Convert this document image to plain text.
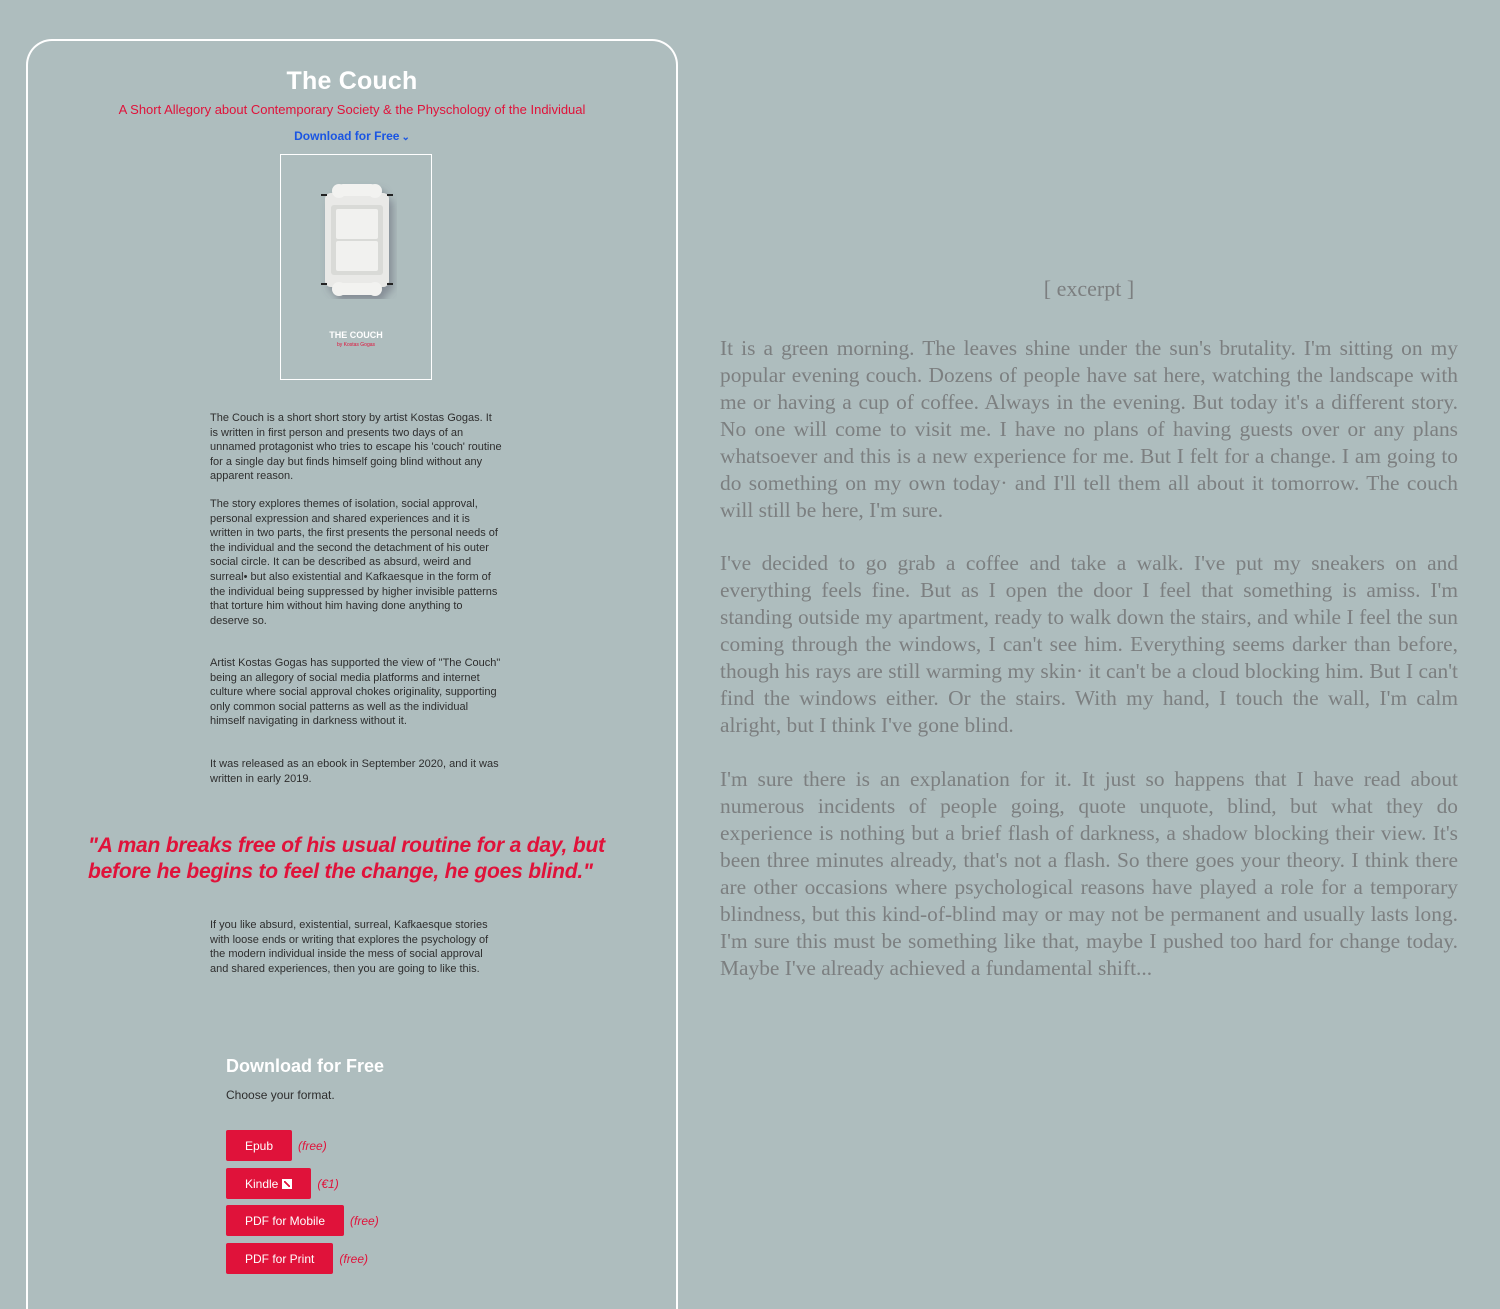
The Couch
A Short Allegory about Contemporary Society & the Physchology of the Individual
Download for Free ⌄
THE COUCH
by Kostas Gogas

The Couch is a short short story by artist Kostas Gogas. It is written in first person and presents two days of an unnamed protagonist who tries to escape his 'couch' routine for a single day but finds himself going blind without any apparent reason.

The story explores themes of isolation, social approval, personal expression and shared experiences and it is written in two parts, the first presents the personal needs of the individual and the second the detachment of his outer social circle. It can be described as absurd, weird and surreal• but also existential and Kafkaesque in the form of the individual being suppressed by higher invisible patterns that torture him without him having done anything to deserve so.

Artist Kostas Gogas has supported the view of "The Couch" being an allegory of social media platforms and internet culture where social approval chokes originality, supporting only common social patterns as well as the individual himself navigating in darkness without it.

It was released as an ebook in September 2020, and it was written in early 2019.

"A man breaks free of his usual routine for a day, but before he begins to feel the change, he goes blind."

If you like absurd, existential, surreal, Kafkaesque stories with loose ends or writing that explores the psychology of the modern individual inside the mess of social approval and shared experiences, then you are going to like this.

Download for Free
Choose your format.
Epub (free)
Kindle	(€1)
PDF for Mobile (free)
PDF for Print (free)
[ excerpt ]

It is a green morning. The leaves shine under the sun's brutality. I'm sitting on my popular evening couch. Dozens of people have sat here, watching the landscape with me or having a cup of coffee. Always in the evening. But today it's a different story. No one will come to visit me. I have no plans of having guests over or any plans whatsoever and this is a new experience for me. But I felt for a change. I am going to do something on my own today· and I'll tell them all about it tomorrow. The couch will still be here, I'm sure.

I've decided to go grab a coffee and take a walk. I've put my sneakers on and everything feels fine. But as I open the door I feel that something is amiss. I'm standing outside my apartment, ready to walk down the stairs, and while I feel the sun coming through the windows, I can't see him. Everything seems darker than before, though his rays are still warming my skin· it can't be a cloud blocking him. But I can't find the windows either. Or the stairs. With my hand, I touch the wall, I'm calm alright, but I think I've gone blind.

I'm sure there is an explanation for it. It just so happens that I have read about numerous incidents of people going, quote unquote, blind, but what they do experience is nothing but a brief flash of darkness, a shadow blocking their view. It's been three minutes already, that's not a flash. So there goes your theory. I think there are other occasions where psychological reasons have played a role for a temporary blindness, but this kind-of-blind may or may not be permanent and usually lasts long. I'm sure this must be something like that, maybe I pushed too hard for change today. Maybe I've already achieved a fundamental shift...
